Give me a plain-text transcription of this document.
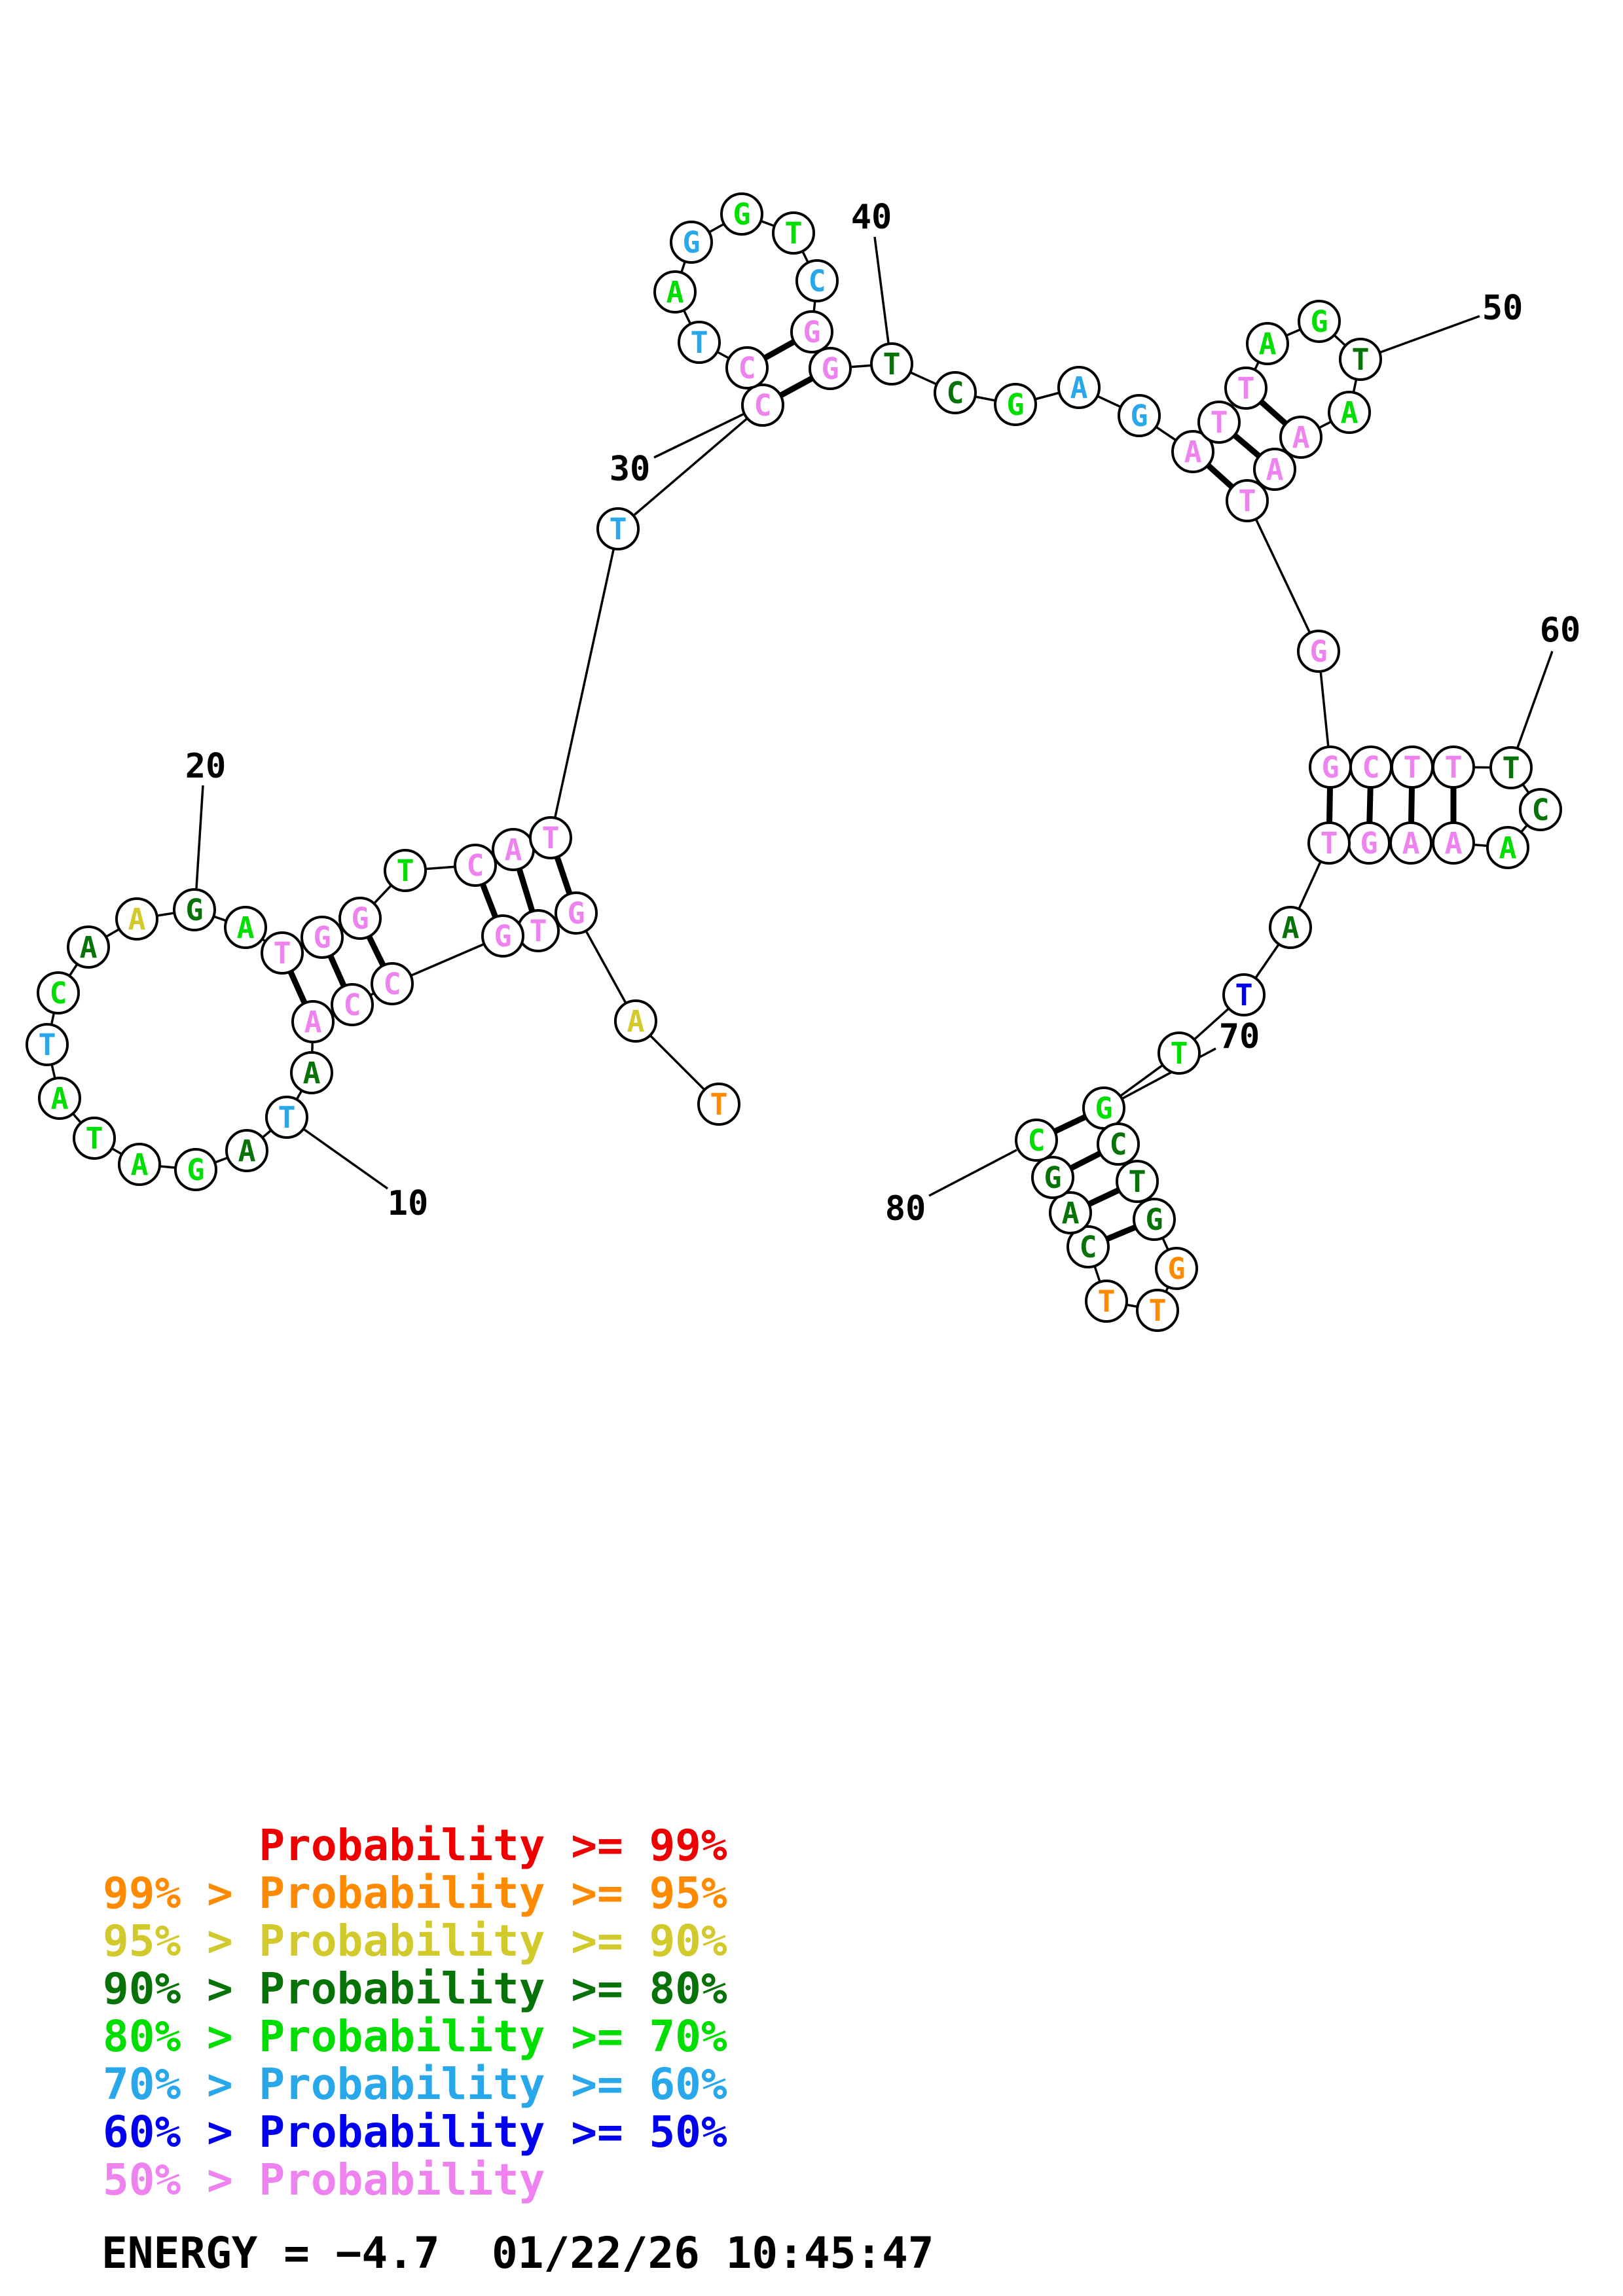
T
A
G
T
G
C
C
A
A
T
A
G
A
T
A
T
C
A
A G
A
T G
G
T C A T
T
C
C
T
A
G
G
T
C
G
G T
C G A
G
A
T
T
A
G
T
A
A
A
T
G
G C T T T
C
A
A
A
G
T
A
T
T
G
C
T
G
G
T
T
C
A
G
C
10
20
30
40
50
60
70
80
Probability >= 99%
99% > Probability >= 95%
95% > Probability >= 90%
90% > Probability >= 80%
80% > Probability >= 70%
70% > Probability >= 60%
60% > Probability >= 50%
50% > Probability
ENERGY = −4.7  01/22/26 10:45:47
